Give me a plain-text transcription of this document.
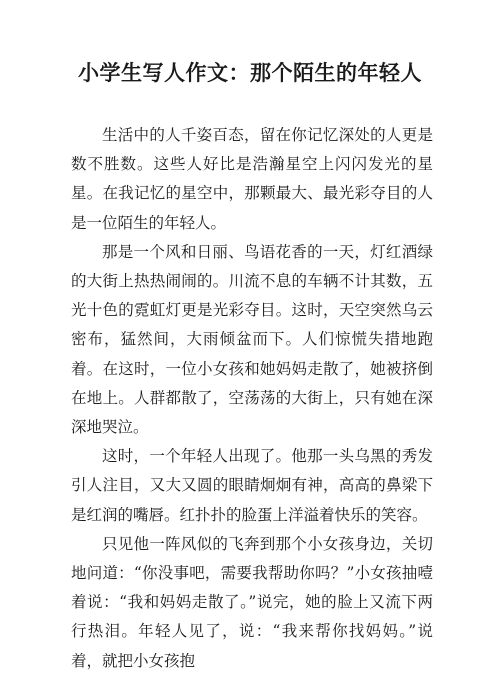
小学生写人作文：那个陌生的年轻人

生活中的人千姿百态，留在你记忆深处的人更是数不胜数。这些人好比是浩瀚星空上闪闪发光的星星。在我记忆的星空中，那颗最大、最光彩夺目的人是一位陌生的年轻人。

那是一个风和日丽、鸟语花香的一天，灯红酒绿的大街上热热闹闹的。川流不息的车辆不计其数，五光十色的霓虹灯更是光彩夺目。这时，天空突然乌云密布，猛然间，大雨倾盆而下。人们惊慌失措地跑着。在这时，一位小女孩和她妈妈走散了，她被挤倒在地上。人群都散了，空荡荡的大街上，只有她在深深地哭泣。

这时，一个年轻人出现了。他那一头乌黑的秀发引人注目，又大又圆的眼睛炯炯有神，高高的鼻梁下是红润的嘴唇。红扑扑的脸蛋上洋溢着快乐的笑容。

只见他一阵风似的飞奔到那个小女孩身边，关切地问道：“你没事吧，需要我帮助你吗？”小女孩抽噎着说：“我和妈妈走散了。”说完，她的脸上又流下两行热泪。年轻人见了，说：“我来帮你找妈妈。”说着，就把小女孩抱
